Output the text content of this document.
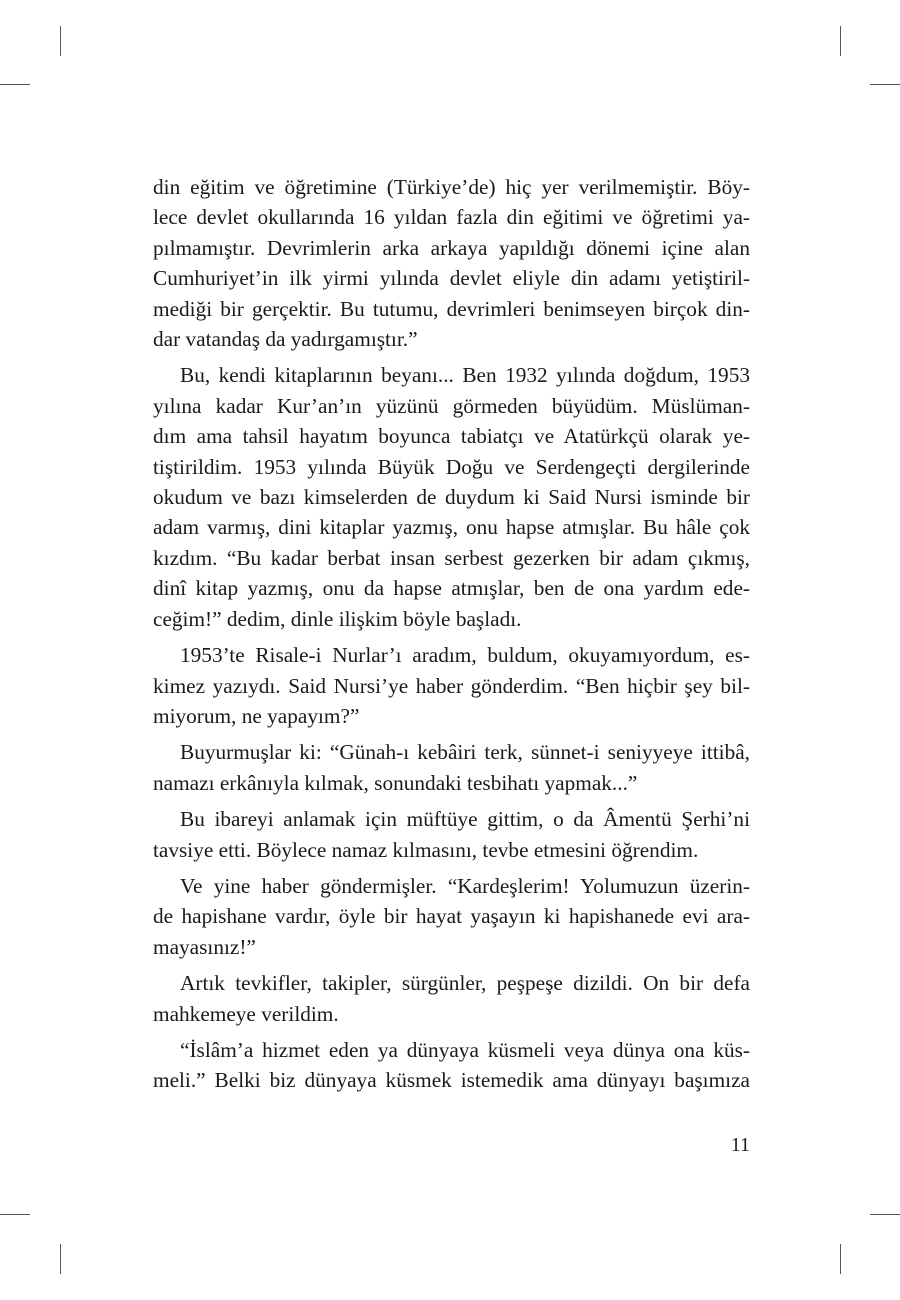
din eğitim ve öğretimine (Türkiye’de) hiç yer verilmemiştir. Böy-
lece devlet okullarında 16 yıldan fazla din eğitimi ve öğretimi ya-
pılmamıştır. Devrimlerin arka arkaya yapıldığı dönemi içine alan
Cumhuriyet’in ilk yirmi yılında devlet eliyle din adamı yetiştiril-
mediği bir gerçektir. Bu tutumu, devrimleri benimseyen birçok din-
dar vatandaş da yadırgamıştır.”

Bu, kendi kitaplarının beyanı... Ben 1932 yılında doğdum, 1953
yılına kadar Kur’an’ın yüzünü görmeden büyüdüm. Müslüman-
dım ama tahsil hayatım boyunca tabiatçı ve Atatürkçü olarak ye-
tiştirildim. 1953 yılında Büyük Doğu ve Serdengeçti dergilerinde
okudum ve bazı kimselerden de duydum ki Said Nursi isminde bir
adam varmış, dini kitaplar yazmış, onu hapse atmışlar. Bu hâle çok
kızdım. “Bu kadar berbat insan serbest gezerken bir adam çıkmış,
dinî kitap yazmış, onu da hapse atmışlar, ben de ona yardım ede-
ceğim!” dedim, dinle ilişkim böyle başladı.

1953’te Risale-i Nurlar’ı aradım, buldum, okuyamıyordum, es-
kimez yazıydı. Said Nursi’ye haber gönderdim. “Ben hiçbir şey bil-
miyorum, ne yapayım?”

Buyurmuşlar ki: “Günah-ı kebâiri terk, sünnet-i seniyyeye ittibâ,
namazı erkânıyla kılmak, sonundaki tesbihatı yapmak...”

Bu ibareyi anlamak için müftüye gittim, o da Âmentü Şerhi’ni
tavsiye etti. Böylece namaz kılmasını, tevbe etmesini öğrendim.

Ve yine haber göndermişler. “Kardeşlerim! Yolumuzun üzerin-
de hapishane vardır, öyle bir hayat yaşayın ki hapishanede evi ara-
mayasınız!”

Artık tevkifler, takipler, sürgünler, peşpeşe dizildi. On bir defa
mahkemeye verildim.

“İslâm’a hizmet eden ya dünyaya küsmeli veya dünya ona küs-
meli.” Belki biz dünyaya küsmek istemedik ama dünyayı başımıza

11
